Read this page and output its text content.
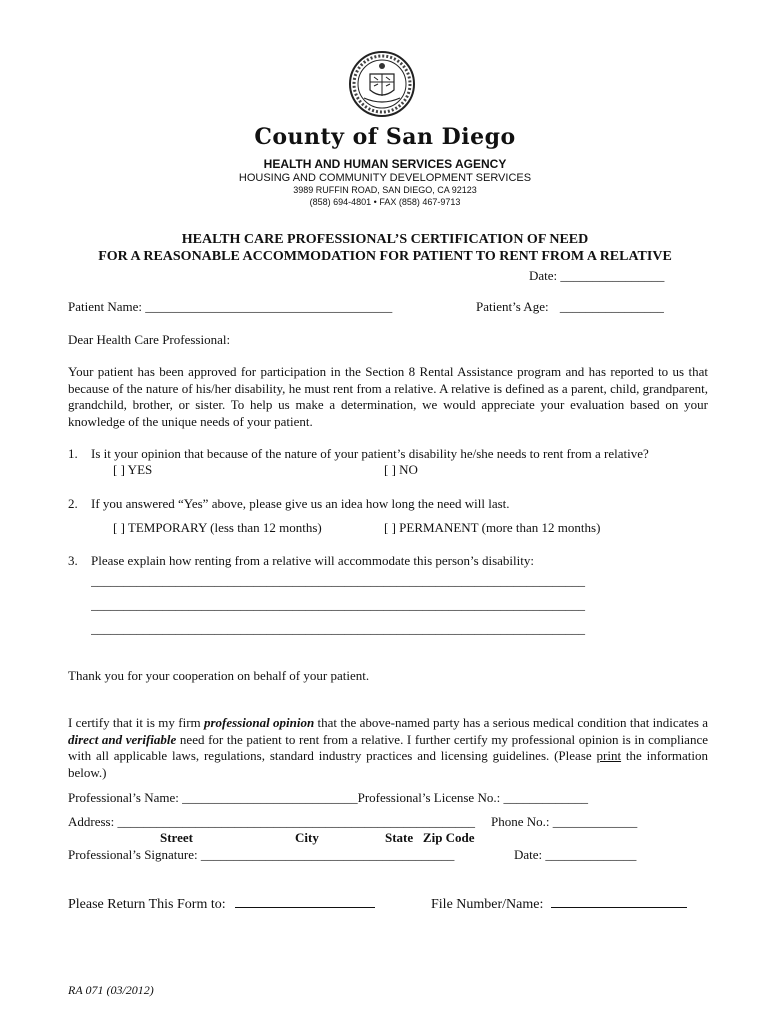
County of San Diego
HEALTH AND HUMAN SERVICES AGENCY
HOUSING AND COMMUNITY DEVELOPMENT SERVICES
3989 RUFFIN ROAD, SAN DIEGO, CA 92123
(858) 694-4801 • FAX (858) 467-9713
HEALTH CARE PROFESSIONAL’S CERTIFICATION OF NEED
FOR A REASONABLE ACCOMMODATION FOR PATIENT TO RENT FROM A RELATIVE
Date: ________________
Patient Name: ______________________________________	Patient’s Age: ________________
Dear Health Care Professional:
Your patient has been approved for participation in the Section 8 Rental Assistance program and has reported to us that because of the nature of his/her disability, he must rent from a relative. A relative is defined as a parent, child, grandparent, grandchild, brother, or sister. To help us make a determination, we would appreciate your evaluation based on your knowledge of the unique needs of your patient.
1. Is it your opinion that because of the nature of your patient’s disability he/she needs to rent from a relative?
[ ] YES	[ ] NO
2. If you answered “Yes” above, please give us an idea how long the need will last.
[ ] TEMPORARY (less than 12 months)	[ ] PERMANENT (more than 12 months)
3. Please explain how renting from a relative will accommodate this person’s disability:
____________________________________________________________________________
____________________________________________________________________________
____________________________________________________________________________
Thank you for your cooperation on behalf of your patient.
I certify that it is my firm professional opinion that the above-named party has a serious medical condition that indicates a direct and verifiable need for the patient to rent from a relative. I further certify my professional opinion is in compliance with all applicable laws, regulations, standard industry practices and licensing guidelines. (Please print the information below.)
Professional’s Name: ___________________________Professional’s License No.: _____________
Address: _______________________________________________________ Phone No.: _____________
Street	City	State   Zip Code
Professional’s Signature: _______________________________________	Date: ______________
Please Return This Form to:	File Number/Name:
RA 071 (03/2012)
